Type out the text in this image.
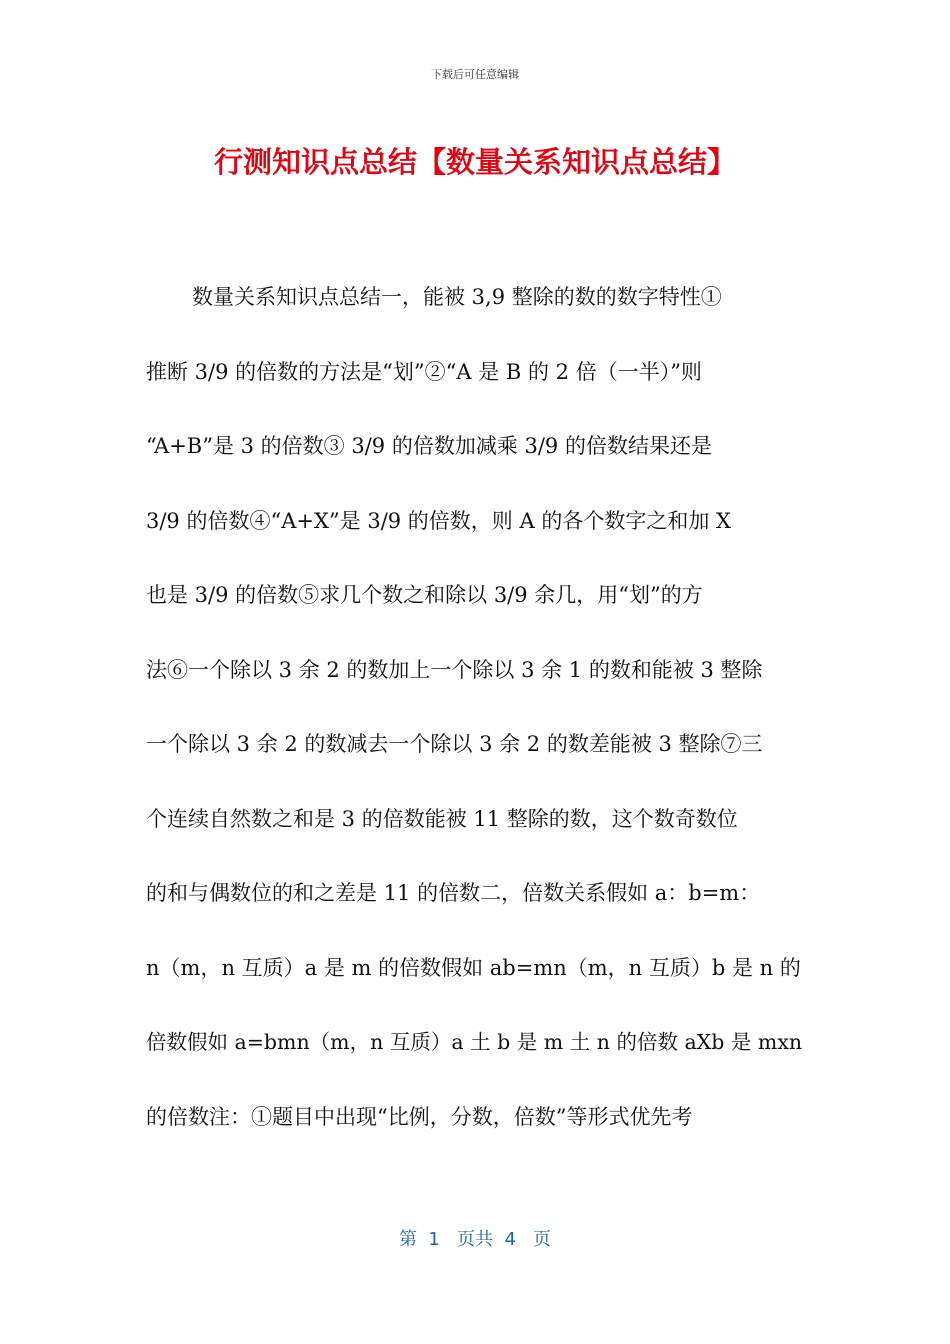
下载后可任意编辑
行测知识点总结【数量关系知识点总结】
数量关系知识点总结一，能被 3,9 整除的数的数字特性①
推断 3/9 的倍数的方法是“划”②“A 是 B 的 2 倍（一半）”则
“A+B”是 3 的倍数③ 3/9 的倍数加减乘 3/9 的倍数结果还是
3/9 的倍数④“A+X”是 3/9 的倍数，则 A 的各个数字之和加 X
也是 3/9 的倍数⑤求几个数之和除以 3/9 余几，用“划”的方
法⑥一个除以 3 余 2 的数加上一个除以 3 余 1 的数和能被 3 整除
一个除以 3 余 2 的数减去一个除以 3 余 2 的数差能被 3 整除⑦三
个连续自然数之和是 3 的倍数能被 11 整除的数，这个数奇数位
的和与偶数位的和之差是 11 的倍数二，倍数关系假如 a：b=m：
n（m，n 互质）a 是 m 的倍数假如 ab=mn（m，n 互质）b 是 n 的
倍数假如 a=bmn（m，n 互质）a 土 b 是 m 土 n 的倍数 aXb 是 mxn
的倍数注：①题目中出现“比例，分数，倍数”等形式优先考
第  1   页共  4   页
